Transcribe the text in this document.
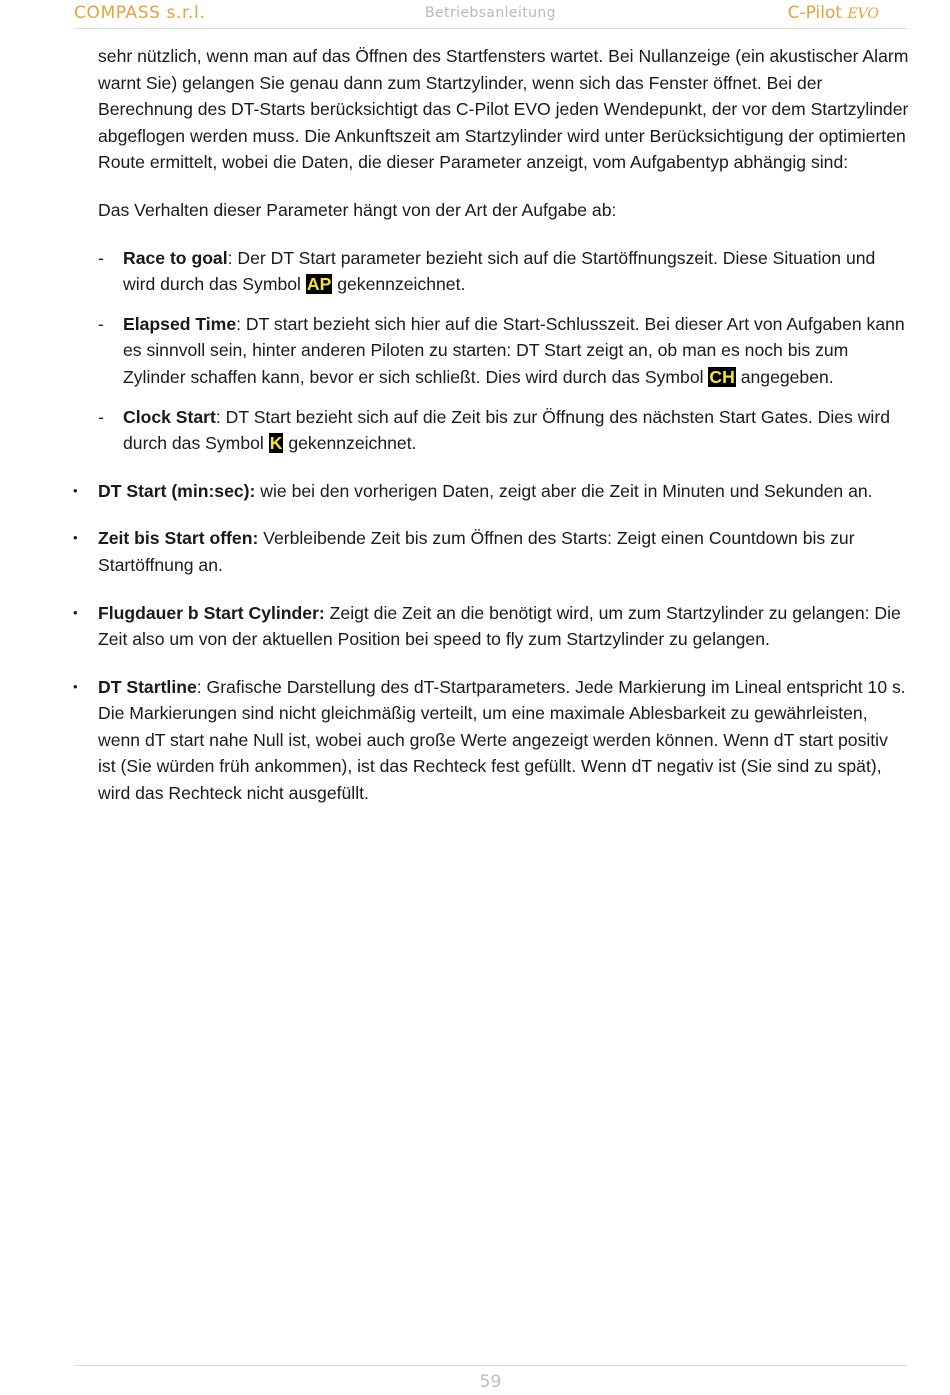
COMPASS s.r.l.	Betriebsanleitung	C-Pilot EVO

sehr nützlich, wenn man auf das Öffnen des Startfensters wartet. Bei Nullanzeige (ein akustischer Alarm warnt Sie) gelangen Sie genau dann zum Startzylinder, wenn sich das Fenster öffnet. Bei der Berechnung des DT-Starts berücksichtigt das C-Pilot EVO jeden Wendepunkt, der vor dem Startzylinder abgeflogen werden muss. Die Ankunftszeit am Startzylinder wird unter Berücksichtigung der optimierten Route ermittelt, wobei die Daten, die dieser Parameter anzeigt, vom Aufgabentyp abhängig sind:

Das Verhalten dieser Parameter hängt von der Art der Aufgabe ab:

- Race to goal: Der DT Start parameter bezieht sich auf die Startöffnungszeit. Diese Situation und wird durch das Symbol AP gekennzeichnet.
- Elapsed Time: DT start bezieht sich hier auf die Start-Schlusszeit. Bei dieser Art von Aufgaben kann es sinnvoll sein, hinter anderen Piloten zu starten: DT Start zeigt an, ob man es noch bis zum Zylinder schaffen kann, bevor er sich schließt. Dies wird durch das Symbol CH angegeben.
- Clock Start: DT Start bezieht sich auf die Zeit bis zur Öffnung des nächsten Start Gates. Dies wird durch das Symbol K gekennzeichnet.
• DT Start (min:sec): wie bei den vorherigen Daten, zeigt aber die Zeit in Minuten und Sekunden an.
• Zeit bis Start offen: Verbleibende Zeit bis zum Öffnen des Starts: Zeigt einen Countdown bis zur Startöffnung an.
• Flugdauer b Start Cylinder: Zeigt die Zeit an die benötigt wird, um zum Startzylinder zu gelangen: Die Zeit also um von der aktuellen Position bei speed to fly zum Startzylinder zu gelangen.
• DT Startline: Grafische Darstellung des dT-Startparameters. Jede Markierung im Lineal entspricht 10 s. Die Markierungen sind nicht gleichmäßig verteilt, um eine maximale Ablesbarkeit zu gewährleisten, wenn dT start nahe Null ist, wobei auch große Werte angezeigt werden können. Wenn dT start positiv ist (Sie würden früh ankommen), ist das Rechteck fest gefüllt. Wenn dT negativ ist (Sie sind zu spät), wird das Rechteck nicht ausgefüllt.
59
